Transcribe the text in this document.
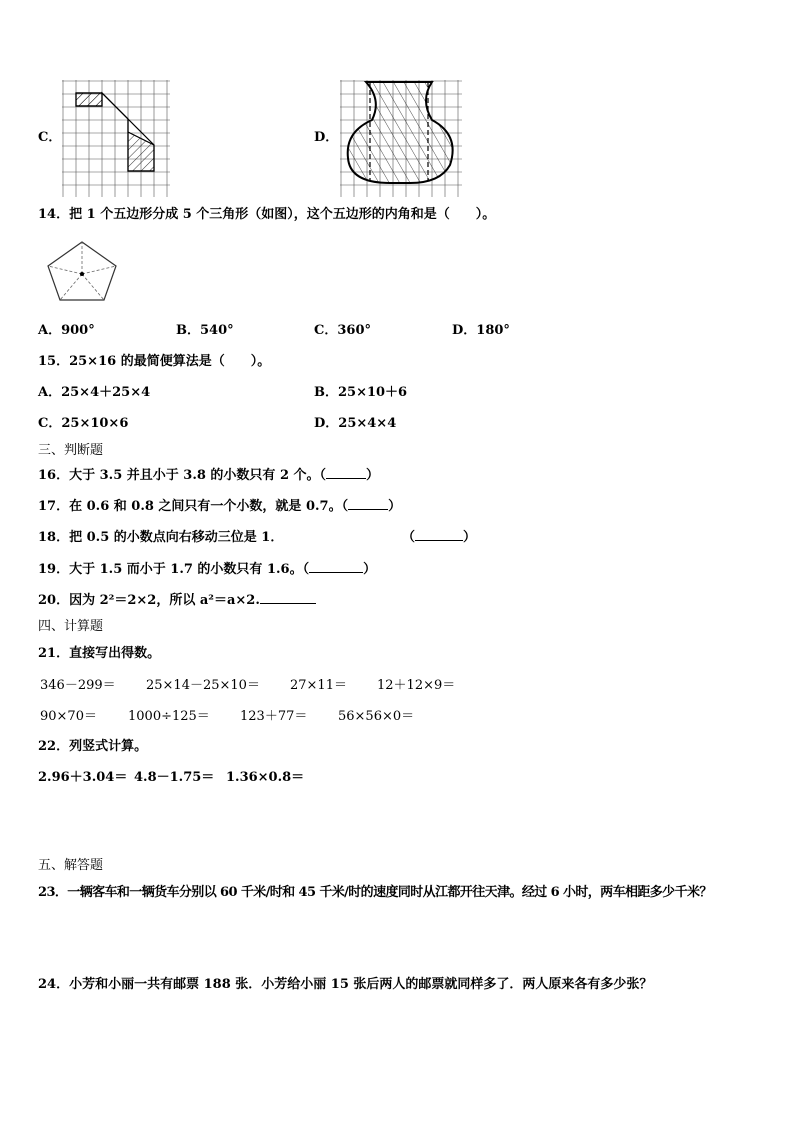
C．	D．
14．把 1 个五边形分成 5 个三角形（如图），这个五边形的内角和是（　　）。
A．900°	B．540°	C．360°	D．180°
15．25×16 的最简便算法是（　　）。
A．25×4＋25×4	B．25×10＋6
C．25×10×6	D．25×4×4
三、判断题
16．大于 3.5 并且小于 3.8 的小数只有 2 个。（	）
17．在 0.6 和 0.8 之间只有一个小数，就是 0.7。（	）
18．把 0.5 的小数点向右移动三位是 1．	（	）
19．大于 1.5 而小于 1.7 的小数只有 1.6。（	）
20．因为 2²＝2×2，所以 a²＝a×2.
四、计算题
21．直接写出得数。
346－299＝ 25×14－25×10＝ 27×11＝ 12＋12×9＝
90×70＝ 1000÷125＝ 123＋77＝ 56×56×0＝
22．列竖式计算。
2.96＋3.04＝ 4.8－1.75＝ 1.36×0.8＝
五、解答题
23．一辆客车和一辆货车分别以 60 千米/时和 45 千米/时的速度同时从江都开往天津。经过 6 小时，两车相距多少千米？
24．小芳和小丽一共有邮票 188 张．小芳给小丽 15 张后两人的邮票就同样多了．两人原来各有多少张？
